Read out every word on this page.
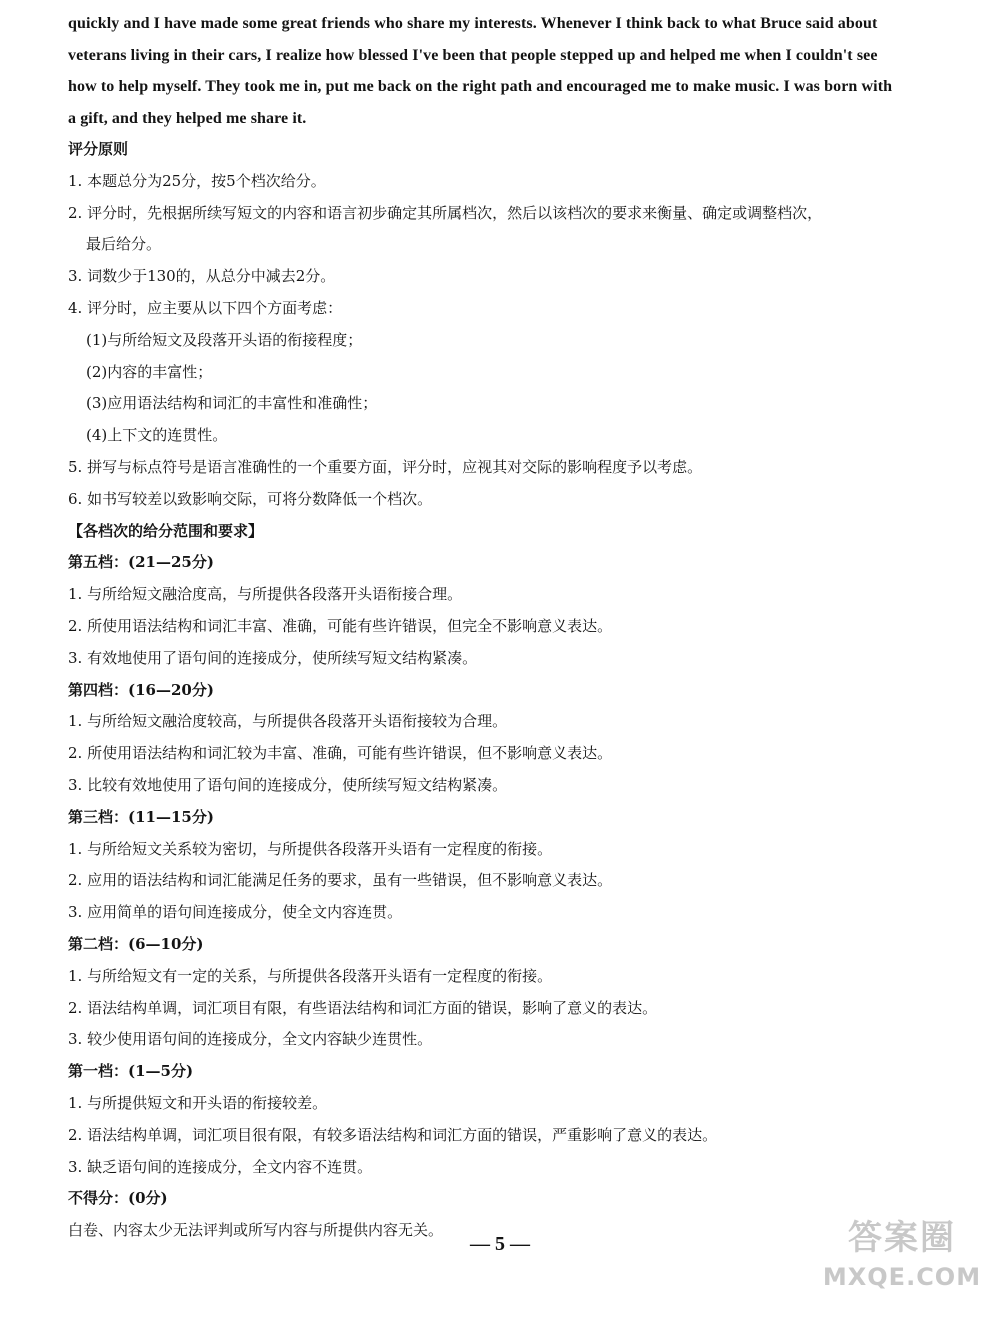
quickly and I have made some great friends who share my interests. Whenever I think back to what Bruce said about
veterans living in their cars, I realize how blessed I've been that people stepped up and helped me when I couldn't see
how to help myself. They took me in, put me back on the right path and encouraged me to make music. I was born with
a gift, and they helped me share it.
评分原则
1. 本题总分为25分，按5个档次给分。
2. 评分时，先根据所续写短文的内容和语言初步确定其所属档次，然后以该档次的要求来衡量、确定或调整档次，
最后给分。
3. 词数少于130的，从总分中减去2分。
4. 评分时，应主要从以下四个方面考虑：
(1)与所给短文及段落开头语的衔接程度；
(2)内容的丰富性；
(3)应用语法结构和词汇的丰富性和准确性；
(4)上下文的连贯性。
5. 拼写与标点符号是语言准确性的一个重要方面，评分时，应视其对交际的影响程度予以考虑。
6. 如书写较差以致影响交际，可将分数降低一个档次。
【各档次的给分范围和要求】
第五档：(21—25分)
1. 与所给短文融洽度高，与所提供各段落开头语衔接合理。
2. 所使用语法结构和词汇丰富、准确，可能有些许错误，但完全不影响意义表达。
3. 有效地使用了语句间的连接成分，使所续写短文结构紧凑。
第四档：(16—20分)
1. 与所给短文融洽度较高，与所提供各段落开头语衔接较为合理。
2. 所使用语法结构和词汇较为丰富、准确，可能有些许错误，但不影响意义表达。
3. 比较有效地使用了语句间的连接成分，使所续写短文结构紧凑。
第三档：(11—15分)
1. 与所给短文关系较为密切，与所提供各段落开头语有一定程度的衔接。
2. 应用的语法结构和词汇能满足任务的要求，虽有一些错误，但不影响意义表达。
3. 应用简单的语句间连接成分，使全文内容连贯。
第二档：(6—10分)
1. 与所给短文有一定的关系，与所提供各段落开头语有一定程度的衔接。
2. 语法结构单调，词汇项目有限，有些语法结构和词汇方面的错误，影响了意义的表达。
3. 较少使用语句间的连接成分，全文内容缺少连贯性。
第一档：(1—5分)
1. 与所提供短文和开头语的衔接较差。
2. 语法结构单调，词汇项目很有限，有较多语法结构和词汇方面的错误，严重影响了意义的表达。
3. 缺乏语句间的连接成分，全文内容不连贯。
不得分：(0分)
白卷、内容太少无法评判或所写内容与所提供内容无关。
— 5 —	答案圈
MXQE.COM
